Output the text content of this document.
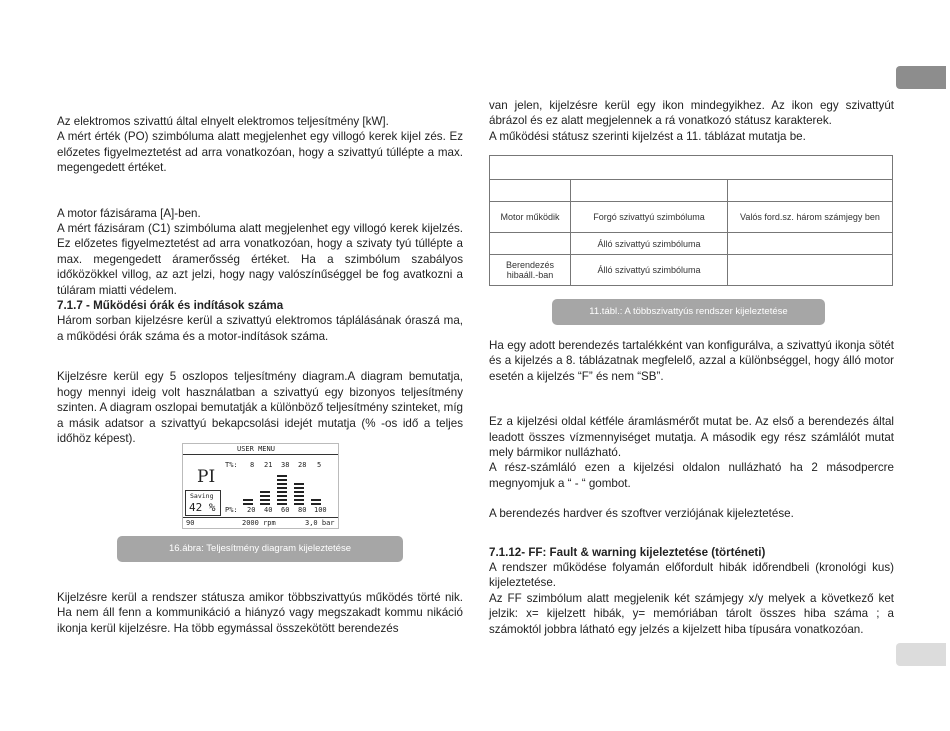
Az elektromos szivattú által elnyelt elektromos teljesítmény [kW].

A mért érték (PO) szimbóluma alatt megjelenhet egy villogó kerek kijel zés. Ez előzetes figyelmeztetést ad arra vonatkozóan, hogy a szivattyú túllépte a max. megengedett értéket.

A motor fázisárama [A]-ben.

A mért fázisáram (C1) szimbóluma alatt megjelenhet egy villogó kerek kijelzés. Ez előzetes figyelmeztetést ad arra vonatkozóan, hogy a szivaty tyú túllépte a max. megengedett áramerősség értéket. Ha a szimbólum szabályos időközökkel villog, az azt jelzi, hogy nagy valószínűséggel be fog avatkozni a túláram miatti védelem.

7.1.7 - Működési órák és indítások száma

Három sorban kijelzésre kerül a szivattyú elektromos táplálásának óraszá ma, a működési órák száma és a motor-indítások száma.

Kijelzésre kerül egy 5 oszlopos teljesítmény diagram.A diagram bemutatja, hogy mennyi ideig volt használatban a szivattyú egy bizonyos teljesítmény szinten. A diagram oszlopai bemutatják a különböző teljesítmény szinteket, míg a másik adatsor a szivattyú bekapcsolási idejét mutatja (% -os idő a teljes időhöz képest).

USER MENU
PI
T%: 8 21 38 28 5
Saving
42 % P%: 20 40 60 80 100
90	2000 rpm	3,0 bar
16.ábra: Teljesítmény diagram kijeleztetése

Kijelzésre kerül a rendszer státusza amikor többszivattyús működés törté nik. Ha nem áll fenn a kommunikáció a hiányzó vagy megszakadt kommu nikáció ikonja kerül kijelzésre. Ha több egymással összekötött berendezés

van jelen, kijelzésre kerül egy ikon mindegyikhez. Az ikon egy szivattyút ábrázol és ez alatt megjelennek a rá vonatkozó státusz karakterek.

A működési státusz szerinti kijelzést a 11. táblázat mutatja be.

Motor működik	Forgó szivattyú szimbóluma	Valós ford.sz. három számjegy ben
	Álló szivattyú szimbóluma	
Berendezés hibaáll.-ban	Álló szivattyú szimbóluma	
11.tábl.: A többszivattyús rendszer kijeleztetése

Ha egy adott berendezés tartalékként van konfigurálva, a szivattyú ikonja sötét és a kijelzés a 8. táblázatnak megfelelő, azzal a különbséggel, hogy álló motor esetén a kijelzés “F” és nem “SB”.

Ez a kijelzési oldal kétféle áramlásmérőt mutat be. Az első a berendezés által leadott összes vízmennyiséget mutatja. A második egy rész számlálót mutat mely bármikor nullázható.

A rész-számláló ezen a kijelzési oldalon nullázható ha 2 másodpercre megnyomjuk a “ - “ gombot.

A berendezés hardver és szoftver verziójának kijeleztetése.

7.1.12- FF: Fault & warning kijeleztetése (történeti)

A rendszer működése folyamán előfordult hibák időrendbeli (kronológi kus) kijeleztetése.

Az FF szimbólum alatt megjelenik két számjegy x/y melyek a következő ket jelzik: x= kijelzett hibák, y= memóriában tárolt összes hiba száma ; a számoktól jobbra látható egy jelzés a kijelzett hiba típusára vonatkozóan.
